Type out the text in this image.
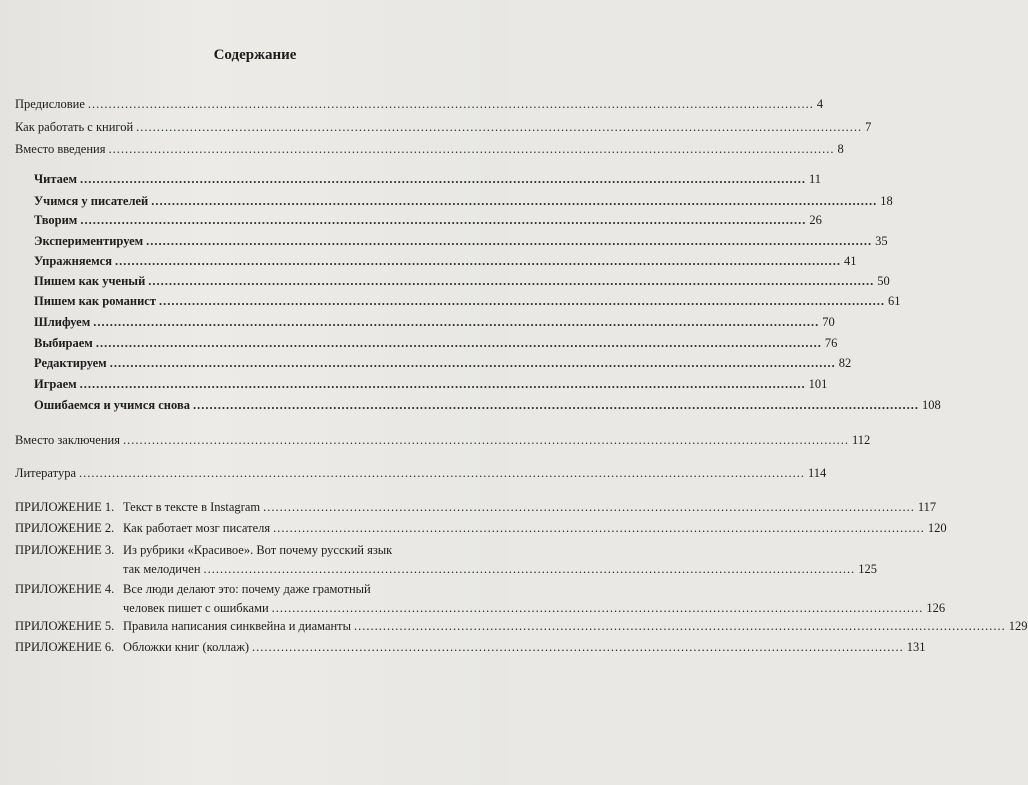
Содержание
Предисловие .....	4
Как работать с книгой .....	7
Вместо введения .....	8
Читаем .....	11
Учимся у писателей .....	18
Творим .....	26
Экспериментируем .....	35
Упражняемся .....	41
Пишем как ученый .....	50
Пишем как романист .....	61
Шлифуем .....	70
Выбираем .....	76
Редактируем .....	82
Играем .....	101
Ошибаемся и учимся снова .....	108
Вместо заключения .....	112
Литература .....	114
ПРИЛОЖЕНИЕ 1. Текст в тексте в Instagram .....	117
ПРИЛОЖЕНИЕ 2. Как работает мозг писателя .....	120
ПРИЛОЖЕНИЕ 3. Из рубрики «Красивое». Вот почему русский язык
так мелодичен .....	125
ПРИЛОЖЕНИЕ 4. Все люди делают это: почему даже грамотный
человек пишет с ошибками .....	126
ПРИЛОЖЕНИЕ 5. Правила написания синквейна и диаманты .....	129
ПРИЛОЖЕНИЕ 6. Обложки книг (коллаж) .....	131
